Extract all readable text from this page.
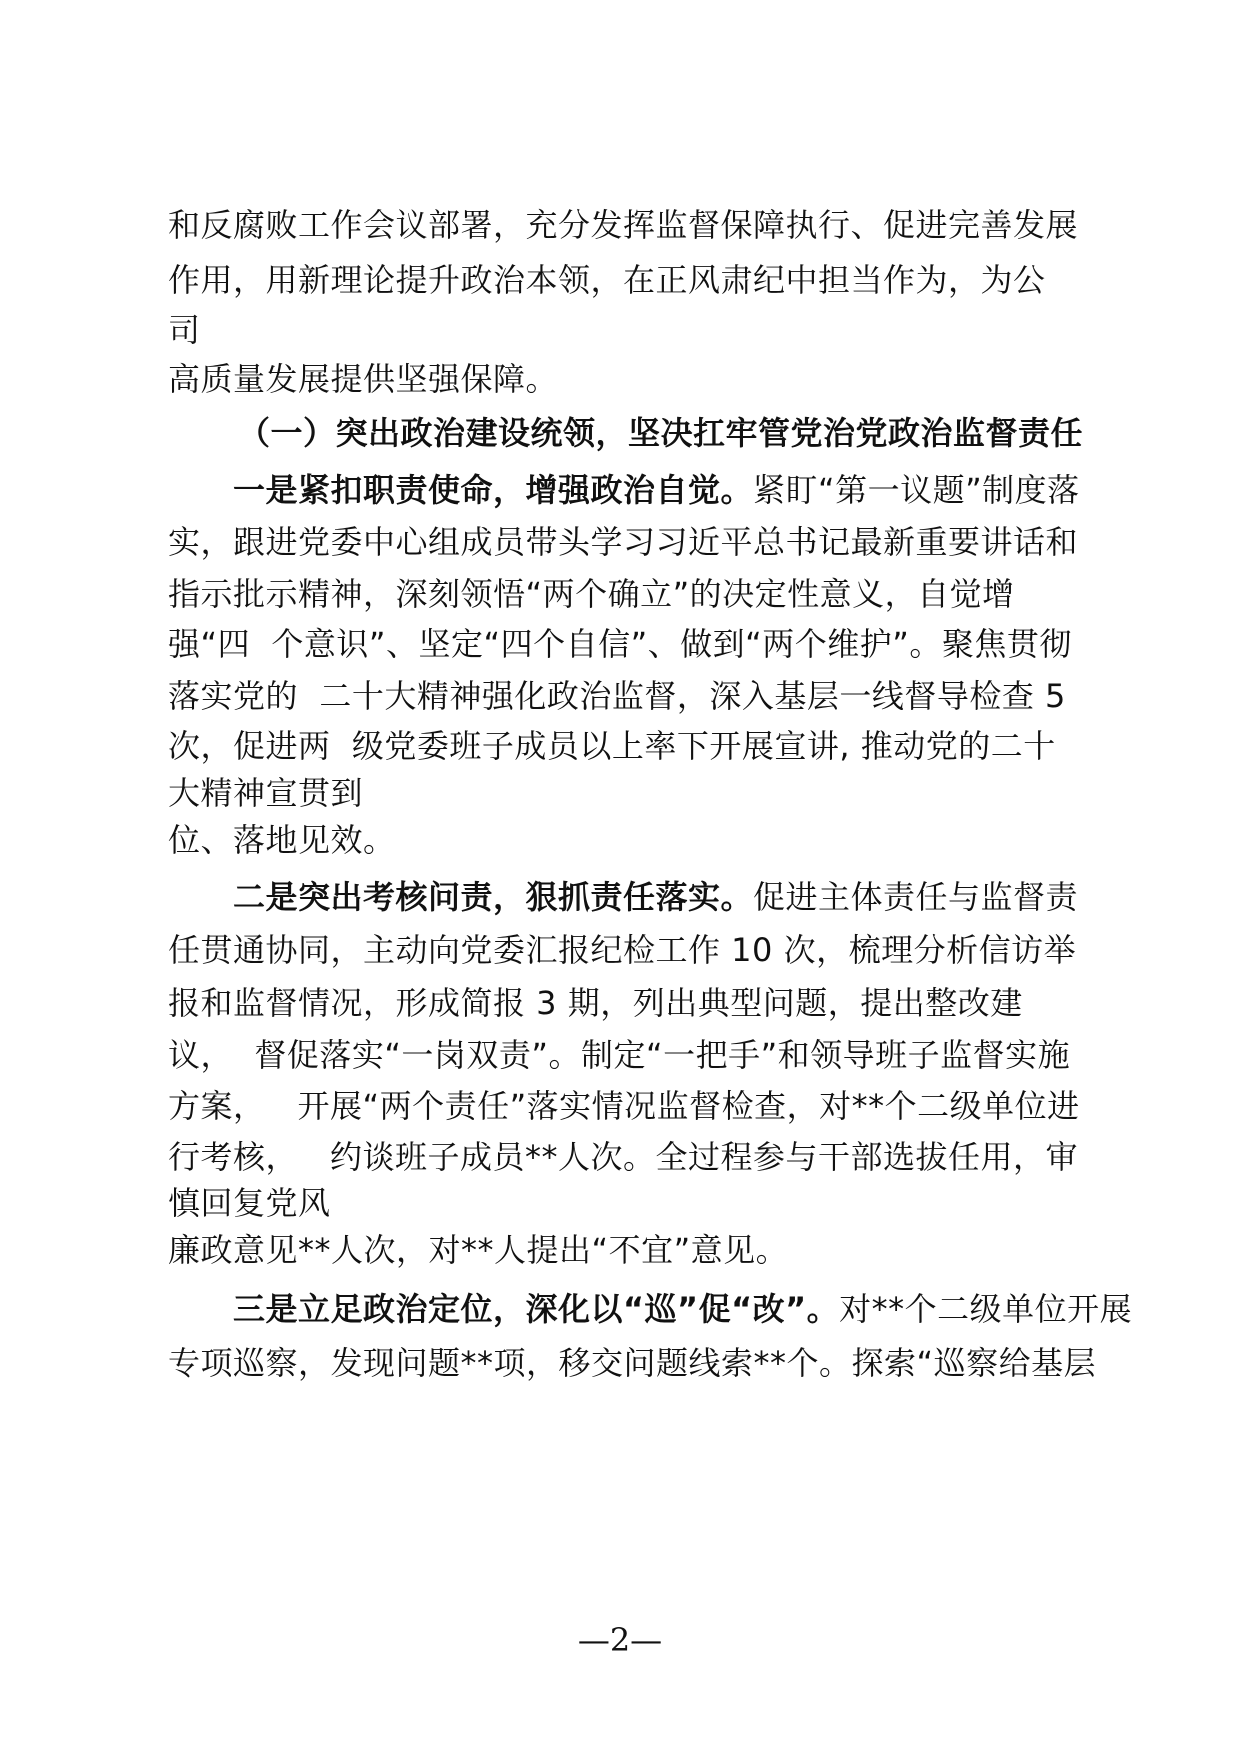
和反腐败工作会议部署，充分发挥监督保障执行、促进完善发展
作用，用新理论提升政治本领，在正风肃纪中担当作为，为公
司
高质量发展提供坚强保障。
（一）突出政治建设统领，坚决扛牢管党治党政治监督责任
一是紧扣职责使命，增强政治自觉。紧盯“第一议题”制度落
实，跟进党委中心组成员带头学习习近平总书记最新重要讲话和
指示批示精神，深刻领悟“两个确立”的决定性意义，自觉增
强“四  个意识”、坚定“四个自信”、做到“两个维护”。聚焦贯彻
落实党的  二十大精神强化政治监督，深入基层一线督导检查 5
次，促进两  级党委班子成员以上率下开展宣讲, 推动党的二十
大精神宣贯到
位、落地见效。
二是突出考核问责，狠抓责任落实。促进主体责任与监督责
任贯通协同，主动向党委汇报纪检工作 10 次，梳理分析信访举
报和监督情况，形成简报 3 期，列出典型问题，提出整改建
议，  督促落实“一岗双责”。制定“一把手”和领导班子监督实施
方案，   开展“两个责任”落实情况监督检查，对**个二级单位进
行考核，   约谈班子成员**人次。全过程参与干部选拔任用，审
慎回复党风
廉政意见**人次，对**人提出“不宜”意见。
三是立足政治定位，深化以“巡”促“改”。对**个二级单位开展
专项巡察，发现问题**项，移交问题线索**个。探索“巡察给基层
—2—
